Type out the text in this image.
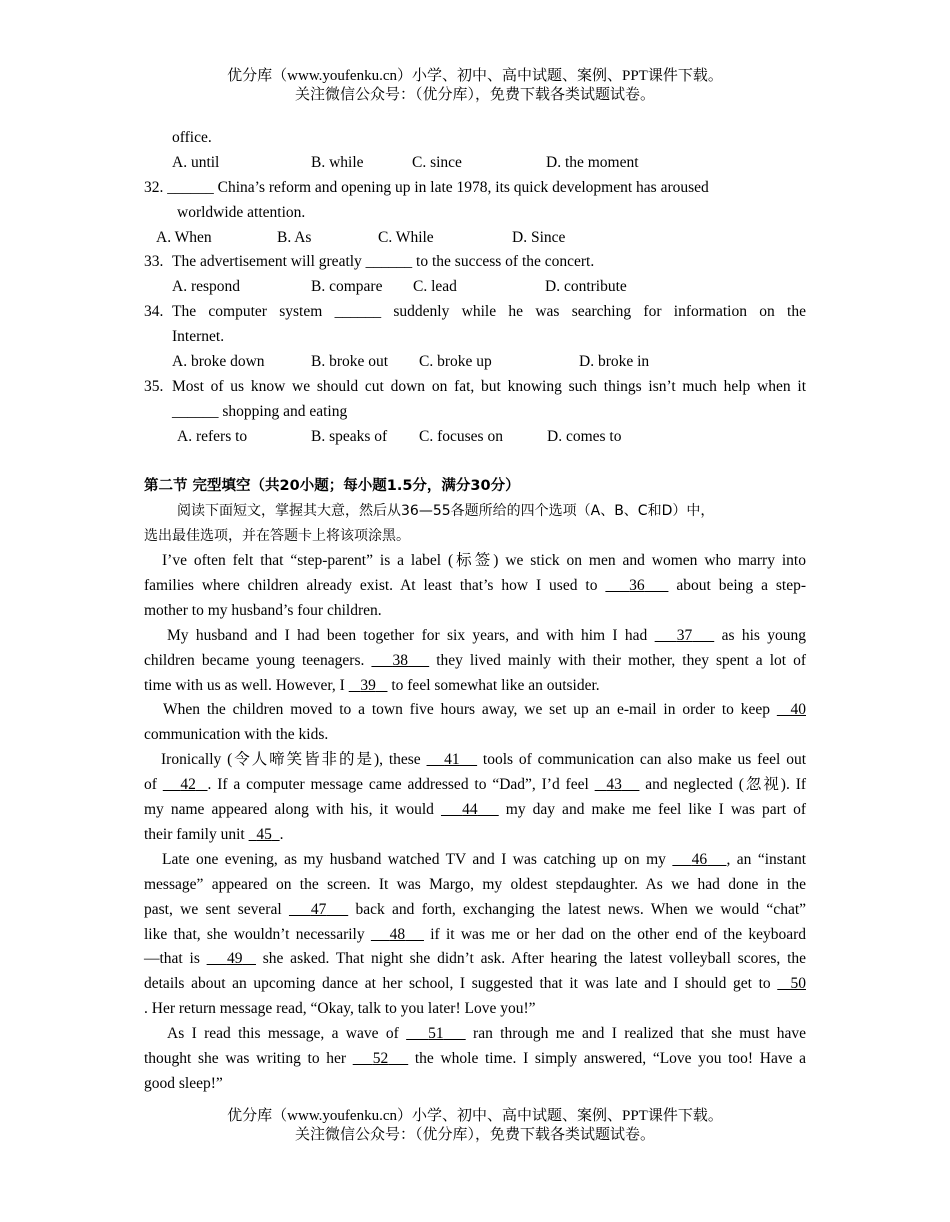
优分库（www.youfenku.cn）小学、初中、高中试题、案例、PPT课件下载。
关注微信公众号：（优分库），免费下载各类试题试卷。
office.
A. until	B. while	C. since	D. the moment
32. ______ China’s reform and opening up in late 1978, its quick development has aroused
worldwide attention.
A. When	B. As	C. While	D. Since
33. The advertisement will greatly ______ to the success of the concert.
A. respond	B. compare C. lead	D. contribute
34. The computer system ______ suddenly while he was searching for information on the
Internet.
A. broke down	B. broke out C. broke up	D. broke in
35. Most of us know we should cut down on fat, but knowing such things isn’t much help when it
______ shopping and eating
A. refers to	B. speaks of C. focuses on	D. comes to
第二节 完型填空（共20小题；每小题1.5分，满分30分）
阅读下面短文，掌握其大意，然后从36—55各题所给的四个选项（A、B、C和D）中，
选出最佳选项，并在答题卡上将该项涂黑。
I’ve often felt that “step-parent” is a label (标签) we stick on men and women who marry into
families where children already exist. At least that’s how I used to    36    about being a step-
mother to my husband’s four children.
My husband and I had been together for six years, and with him I had    37    as his young
children became young teenagers.    38    they lived mainly with their mother, they spent a lot of
time with us as well. However, I    39    to feel somewhat like an outsider.
When the children moved to a town five hours away, we set up an e-mail in order to keep   40
communication with the kids.
Ironically (令人啼笑皆非的是), these    41    tools of communication can also make us feel out
of    42 . If a computer message came addressed to “Dad”, I’d feel   43    and neglected (忽视). If
my name appeared along with his, it would    44    my day and make me feel like I was part of
their family unit   45 .
Late one evening, as my husband watched TV and I was catching up on my    46 , an “instant
message” appeared on the screen. It was Margo, my oldest stepdaughter. As we had done in the
past, we sent several    47    back and forth, exchanging the latest news. When we would “chat”
like that, she wouldn’t necessarily    48    if it was me or her dad on the other end of the keyboard
—that is    49   she asked. That night she didn’t ask. After hearing the latest volleyball scores, the
details about an upcoming dance at her school, I suggested that it was late and I should get to   50
. Her return message read, “Okay, talk to you later! Love you!”
As I read this message, a wave of    51    ran through me and I realized that she must have
thought she was writing to her    52    the whole time. I simply answered, “Love you too! Have a
good sleep!”
优分库（www.youfenku.cn）小学、初中、高中试题、案例、PPT课件下载。
关注微信公众号：（优分库），免费下载各类试题试卷。
